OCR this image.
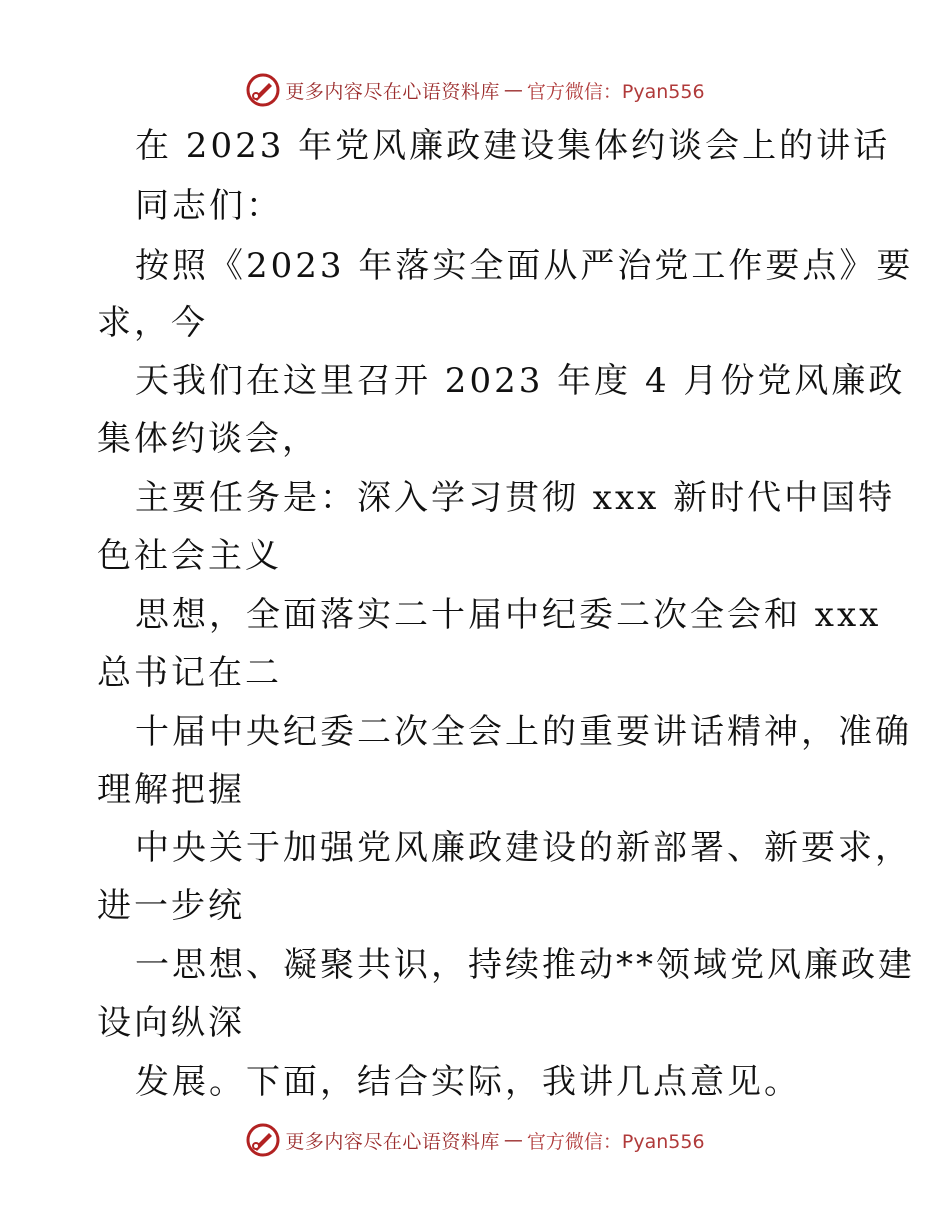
更多内容尽在心语资料库 — 官方微信：Pyan556
在 2023 年党风廉政建设集体约谈会上的讲话
同志们：
按照《2023 年落实全面从严治党工作要点》要
求，今
天我们在这里召开 2023 年度 4 月份党风廉政
集体约谈会，
主要任务是：深入学习贯彻 xxx 新时代中国特
色社会主义
思想，全面落实二十届中纪委二次全会和 xxx
总书记在二
十届中央纪委二次全会上的重要讲话精神，准确
理解把握
中央关于加强党风廉政建设的新部署、新要求，
进一步统
一思想、凝聚共识，持续推动**领域党风廉政建
设向纵深
发展。下面，结合实际，我讲几点意见。
更多内容尽在心语资料库 — 官方微信：Pyan556
